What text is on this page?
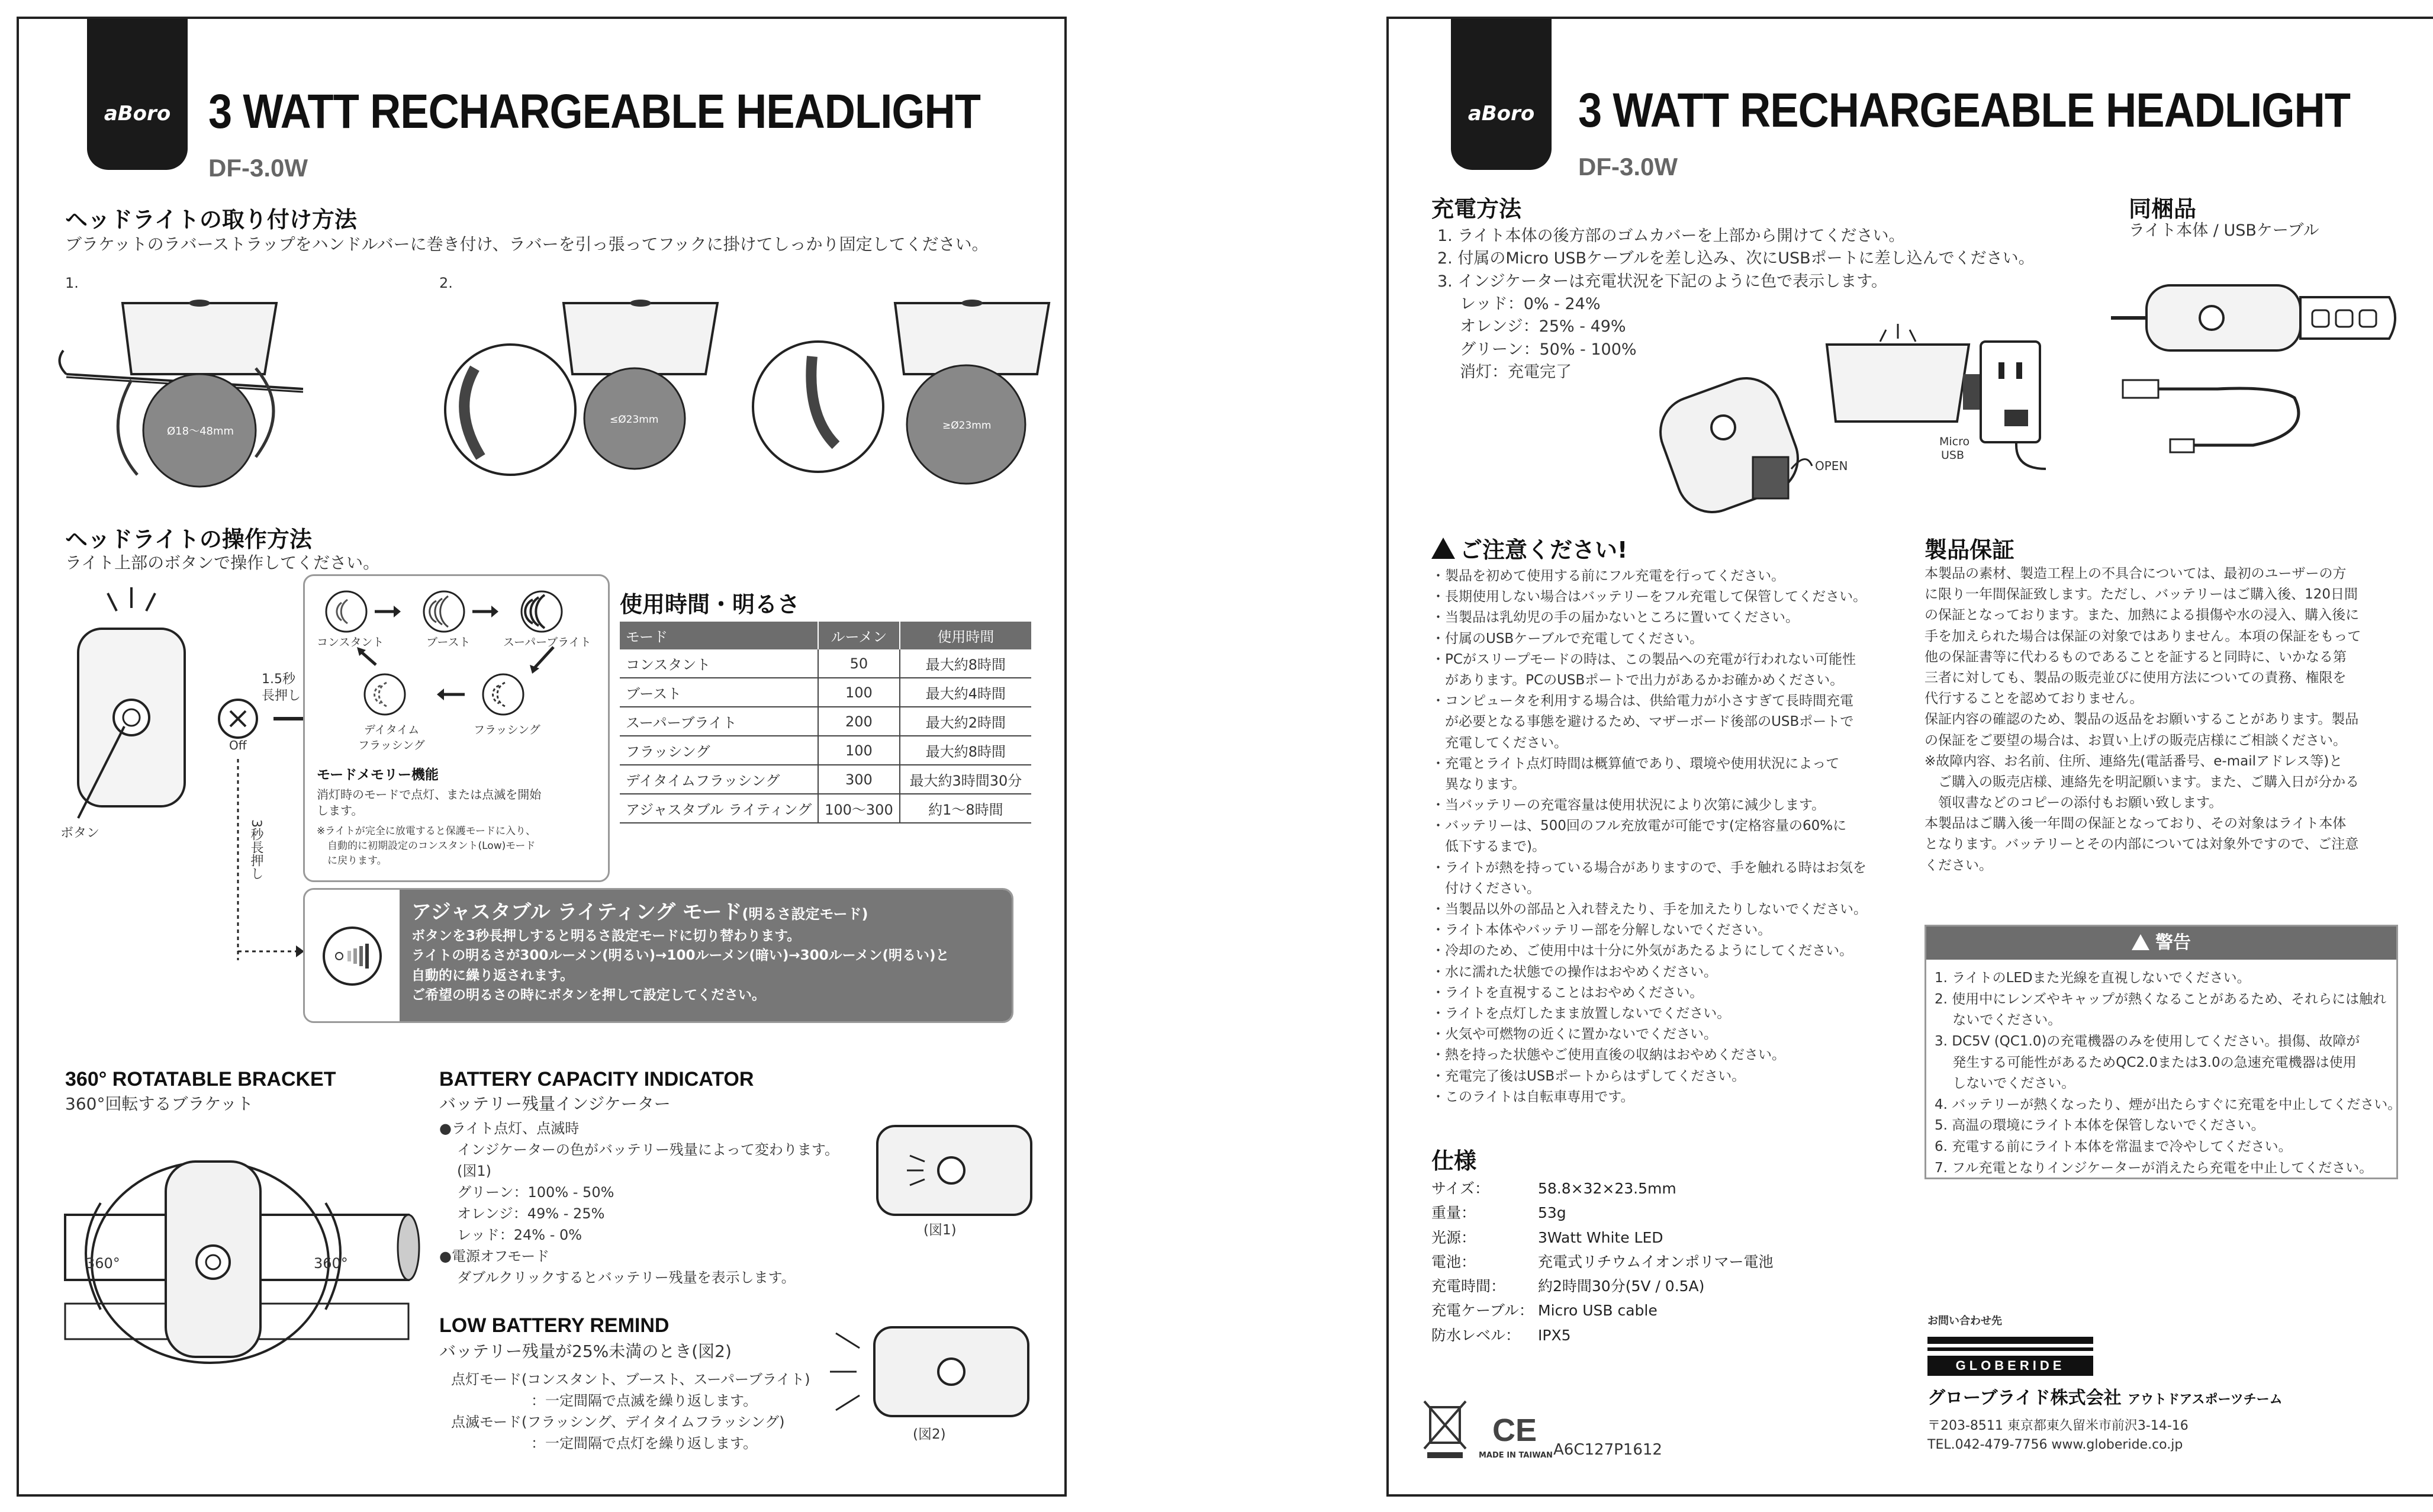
aBoro 3 WATT RECHARGEABLE HEADLIGHT
DF-3.0W
ヘッドライトの取り付け方法
ブラケットのラバーストラップをハンドルバーに巻き付け、ラバーを引っ張ってフックに掛けてしっかり固定してください。
1.	2.
Ø18〜48mm
≤Ø23mm	≥Ø23mm
ヘッドライトの操作方法
ライト上部のボタンで操作してください。
ボタン
Off
1.5秒
長押し
3秒長押し
コンスタント	ブースト	スーパーブライト
デイタイム
フラッシング
フラッシング
モードメモリー機能
消灯時のモードで点灯、または点滅を開始
します。
※ライトが完全に放電すると保護モードに入り、
自動的に初期設定のコンスタント(Low)モード
に戻ります。
アジャスタブル ライティング モード(明るさ設定モード)
ボタンを3秒長押しすると明るさ設定モードに切り替わります。
ライトの明るさが300ルーメン(明るい)→100ルーメン(暗い)→300ルーメン(明るい)と
自動的に繰り返されます。
ご希望の明るさの時にボタンを押して設定してください。
使用時間・明るさ
モード	ルーメン	使用時間
コンスタント	50	最大約8時間
ブースト	100	最大約4時間
スーパーブライト	200	最大約2時間
フラッシング	100	最大約8時間
デイタイムフラッシング	300	最大約3時間30分
アジャスタブル ライティング	100〜300	約1〜8時間
360° ROTATABLE BRACKET
360°回転するブラケット
360°	360°
BATTERY CAPACITY INDICATOR
バッテリー残量インジケーター
●ライト点灯、点滅時
インジケーターの色がバッテリー残量によって変わります。
(図1)
グリーン：100% - 50%
オレンジ：49% - 25%
レッド：24% - 0%
●電源オフモード
ダブルクリックするとバッテリー残量を表示します。
(図1)
LOW BATTERY REMIND
バッテリー残量が25%未満のとき(図2)
点灯モード(コンスタント、ブースト、スーパーブライト)
：一定間隔で点滅を繰り返します。
点滅モード(フラッシング、デイタイムフラッシング)
：一定間隔で点灯を繰り返します。
(図2)
aBoro 3 WATT RECHARGEABLE HEADLIGHT
DF-3.0W
充電方法
1. ライト本体の後方部のゴムカバーを上部から開けてください。
2. 付属のMicro USBケーブルを差し込み、次にUSBポートに差し込んでください。
3. インジケーターは充電状況を下記のように色で表示します。
レッド：0% - 24%
オレンジ：25% - 49%
グリーン：50% - 100%
消灯：充電完了
OPEN
Micro
USB
同梱品
ライト本体 / USBケーブル
ご注意ください!
・製品を初めて使用する前にフル充電を行ってください。
・長期使用しない場合はバッテリーをフル充電して保管してください。
・当製品は乳幼児の手の届かないところに置いてください。
・付属のUSBケーブルで充電してください。
・PCがスリープモードの時は、この製品への充電が行われない可能性
　があります。PCのUSBポートで出力があるかお確かめください。
・コンピュータを利用する場合は、供給電力が小さすぎて長時間充電
　が必要となる事態を避けるため、マザーボード後部のUSBポートで
　充電してください。
・充電とライト点灯時間は概算値であり、環境や使用状況によって
　異なります。
・当バッテリーの充電容量は使用状況により次第に減少します。
・バッテリーは、500回のフル充放電が可能です(定格容量の60%に
　低下するまで)。
・ライトが熱を持っている場合がありますので、手を触れる時はお気を
　付けください。
・当製品以外の部品と入れ替えたり、手を加えたりしないでください。
・ライト本体やバッテリー部を分解しないでください。
・冷却のため、ご使用中は十分に外気があたるようにしてください。
・水に濡れた状態での操作はおやめください。
・ライトを直視することはおやめください。
・ライトを点灯したまま放置しないでください。
・火気や可燃物の近くに置かないでください。
・熱を持った状態やご使用直後の収納はおやめください。
・充電完了後はUSBポートからはずしてください。
・このライトは自転車専用です。
製品保証
本製品の素材、製造工程上の不具合については、最初のユーザーの方
に限り一年間保証致します。ただし、バッテリーはご購入後、120日間
の保証となっております。また、加熱による損傷や水の浸入、購入後に
手を加えられた場合は保証の対象ではありません。本項の保証をもって
他の保証書等に代わるものであることを証すると同時に、いかなる第
三者に対しても、製品の販売並びに使用方法についての責務、権限を
代行することを認めておりません。
保証内容の確認のため、製品の返品をお願いすることがあります。製品
の保証をご要望の場合は、お買い上げの販売店様にご相談ください。
※故障内容、お名前、住所、連絡先(電話番号、e-mailアドレス等)と
　ご購入の販売店様、連絡先を明記願います。また、ご購入日が分かる
　領収書などのコピーの添付もお願い致します。
本製品はご購入後一年間の保証となっており、その対象はライト本体
となります。バッテリーとその内部については対象外ですので、ご注意
ください。
警告
1. ライトのLEDまた光線を直視しないでください。
2. 使用中にレンズやキャップが熱くなることがあるため、それらには触れ
　 ないでください。
3. DC5V (QC1.0)の充電機器のみを使用してください。損傷、故障が
　 発生する可能性があるためQC2.0または3.0の急速充電機器は使用
　 しないでください。
4. バッテリーが熱くなったり、煙が出たらすぐに充電を中止してください。
5. 高温の環境にライト本体を保管しないでください。
6. 充電する前にライト本体を常温まで冷やしてください。
7. フル充電となりインジケーターが消えたら充電を中止してください。
仕様
サイズ：	58.8×32×23.5mm
重量：	53g
光源：	3Watt White LED
電池：	充電式リチウムイオンポリマー電池
充電時間：	約2時間30分(5V / 0.5A)
充電ケーブル： Micro USB cable
防水レベル：	IPX5
CE
MADE IN TAIWAN A6C127P1612
お問い合わせ先
GLOBERIDE
グローブライド株式会社 アウトドアスポーツチーム
〒203-8511 東京都東久留米市前沢3-14-16
TEL.042-479-7756 www.globeride.co.jp
